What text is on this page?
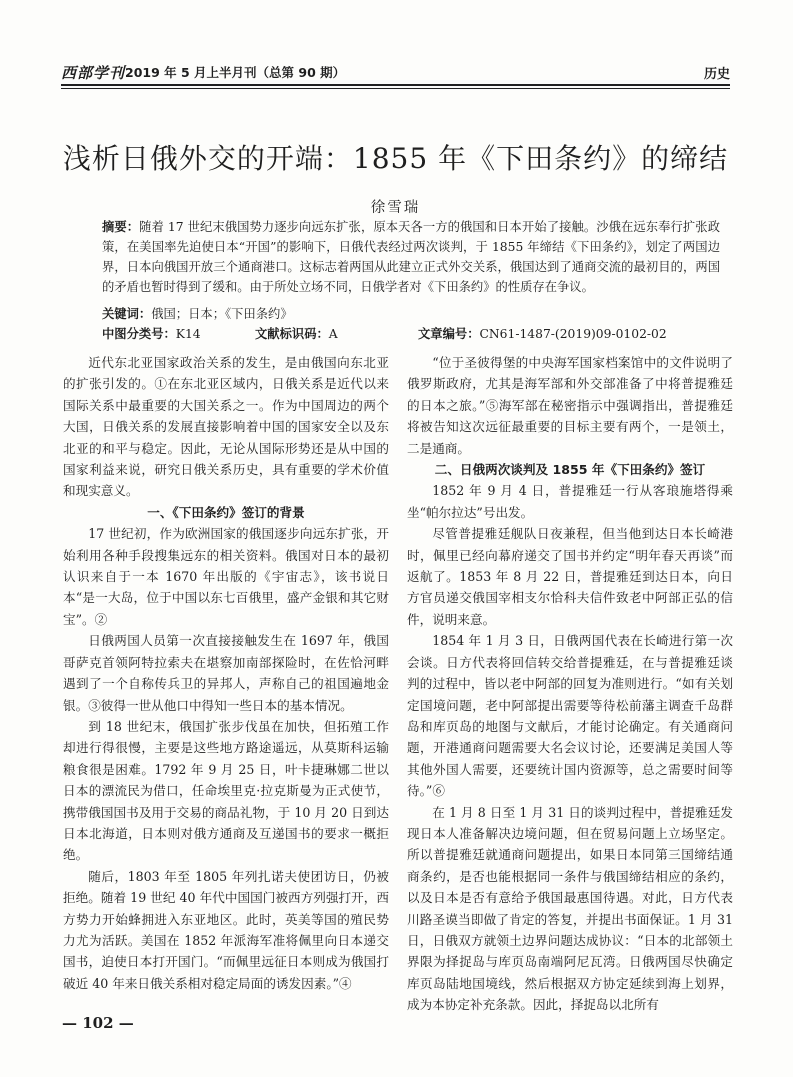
西部学刊 2019 年 5 月上半月刊（总第 90 期）	历史
浅析日俄外交的开端：1855 年《下田条约》的缔结
徐雪瑞
摘要：随着 17 世纪末俄国势力逐步向远东扩张，原本天各一方的俄国和日本开始了接触。沙俄在远东奉行扩张政策，在美国率先迫使日本“开国”的影响下，日俄代表经过两次谈判，于 1855 年缔结《下田条约》，划定了两国边界，日本向俄国开放三个通商港口。这标志着两国从此建立正式外交关系，俄国达到了通商交流的最初目的，两国的矛盾也暂时得到了缓和。由于所处立场不同，日俄学者对《下田条约》的性质存在争议。
关键词：俄国；日本；《下田条约》
中图分类号：K14	文献标识码：A	文章编号：CN61-1487-(2019)09-0102-02

近代东北亚国家政治关系的发生，是由俄国向东北亚的扩张引发的。①在东北亚区域内，日俄关系是近代以来国际关系中最重要的大国关系之一。作为中国周边的两个大国，日俄关系的发展直接影响着中国的国家安全以及东北亚的和平与稳定。因此，无论从国际形势还是从中国的国家利益来说，研究日俄关系历史，具有重要的学术价值和现实意义。

一、《下田条约》签订的背景

17 世纪初，作为欧洲国家的俄国逐步向远东扩张，开始利用各种手段搜集远东的相关资料。俄国对日本的最初认识来自于一本 1670 年出版的《宇宙志》，该书说日本“是一大岛，位于中国以东七百俄里，盛产金银和其它财宝”。②

日俄两国人员第一次直接接触发生在 1697 年，俄国哥萨克首领阿特拉索夫在堪察加南部探险时，在佐恰河畔遇到了一个自称传兵卫的异邦人，声称自己的祖国遍地金银。③彼得一世从他口中得知一些日本的基本情况。

到 18 世纪末，俄国扩张步伐虽在加快，但拓殖工作却进行得很慢，主要是这些地方路途遥远，从莫斯科运输粮食很是困难。1792 年 9 月 25 日，叶卡捷琳娜二世以日本的漂流民为借口，任命埃里克·拉克斯曼为正式使节，携带俄国国书及用于交易的商品礼物，于 10 月 20 日到达日本北海道，日本则对俄方通商及互递国书的要求一概拒绝。

随后，1803 年至 1805 年列扎诺夫使团访日，仍被拒绝。随着 19 世纪 40 年代中国国门被西方列强打开，西方势力开始蜂拥进入东亚地区。此时，英美等国的殖民势力尤为活跃。美国在 1852 年派海军准将佩里向日本递交国书，迫使日本打开国门。“而佩里远征日本则成为俄国打破近 40 年来日俄关系相对稳定局面的诱发因素。”④

“位于圣彼得堡的中央海军国家档案馆中的文件说明了俄罗斯政府，尤其是海军部和外交部准备了中将普提雅廷的日本之旅。”⑤海军部在秘密指示中强调指出，普提雅廷将被告知这次远征最重要的目标主要有两个，一是领土，二是通商。

二、日俄两次谈判及 1855 年《下田条约》签订

1852 年 9 月 4 日，普提雅廷一行从客琅施塔得乘坐“帕尔拉达”号出发。

尽管普提雅廷舰队日夜兼程，但当他到达日本长崎港时，佩里已经向幕府递交了国书并约定“明年春天再谈”而返航了。1853 年 8 月 22 日，普提雅廷到达日本，向日方官员递交俄国宰相支尔恰科夫信件致老中阿部正弘的信件，说明来意。

1854 年 1 月 3 日，日俄两国代表在长崎进行第一次会谈。日方代表将回信转交给普提雅廷，在与普提雅廷谈判的过程中，皆以老中阿部的回复为准则进行。“如有关划定国境问题，老中阿部提出需要等待松前藩主调查千岛群岛和库页岛的地图与文献后，才能讨论确定。有关通商问题，开港通商问题需要大名会议讨论，还要满足美国人等其他外国人需要，还要统计国内资源等，总之需要时间等待。”⑥

在 1 月 8 日至 1 月 31 日的谈判过程中，普提雅廷发现日本人准备解决边境问题，但在贸易问题上立场坚定。所以普提雅廷就通商问题提出，如果日本同第三国缔结通商条约，是否也能根据同一条件与俄国缔结相应的条约，以及日本是否有意给予俄国最惠国待遇。对此，日方代表川路圣谟当即做了肯定的答复，并提出书面保证。1 月 31 日，日俄双方就领土边界问题达成协议：“日本的北部领土界限为择捉岛与库页岛南端阿尼瓦湾。日俄两国尽快确定库页岛陆地国境线，然后根据双方协定延续到海上划界，成为本协定补充条款。因此，择捉岛以北所有

— 102 —
